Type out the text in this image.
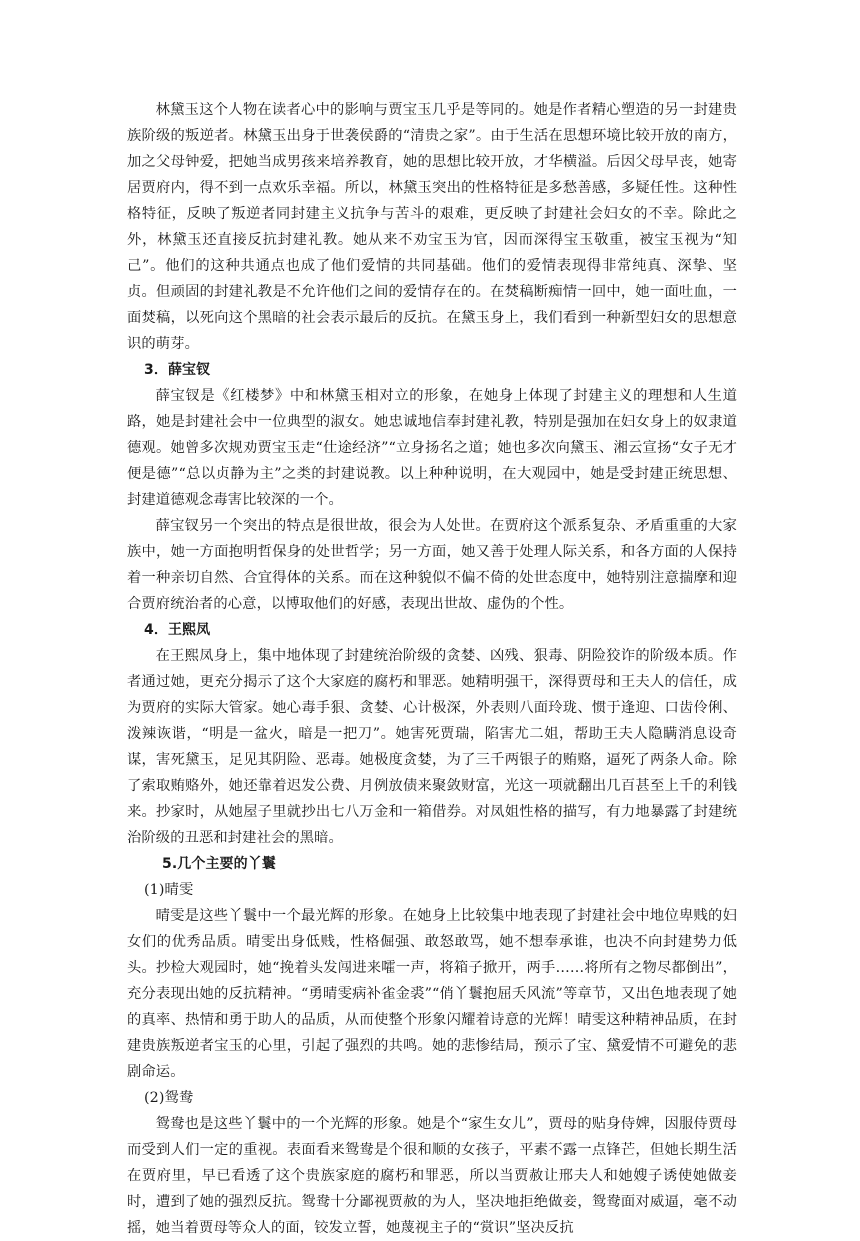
林黛玉这个人物在读者心中的影响与贾宝玉几乎是等同的。她是作者精心塑造的另一封建贵族阶级的叛逆者。林黛玉出身于世袭侯爵的“清贵之家”。由于生活在思想环境比较开放的南方，加之父母钟爱，把她当成男孩来培养教育，她的思想比较开放，才华横溢。后因父母早丧，她寄居贾府内，得不到一点欢乐幸福。所以，林黛玉突出的性格特征是多愁善感，多疑任性。这种性格特征，反映了叛逆者同封建主义抗争与苦斗的艰难，更反映了封建社会妇女的不幸。除此之外，林黛玉还直接反抗封建礼教。她从来不劝宝玉为官，因而深得宝玉敬重，被宝玉视为“知己”。他们的这种共通点也成了他们爱情的共同基础。他们的爱情表现得非常纯真、深挚、坚贞。但顽固的封建礼教是不允许他们之间的爱情存在的。在焚稿断痴情一回中，她一面吐血，一面焚稿，以死向这个黑暗的社会表示最后的反抗。在黛玉身上，我们看到一种新型妇女的思想意识的萌芽。

3．薛宝钗

薛宝钗是《红楼梦》中和林黛玉相对立的形象，在她身上体现了封建主义的理想和人生道路，她是封建社会中一位典型的淑女。她忠诚地信奉封建礼教，特别是强加在妇女身上的奴隶道德观。她曾多次规劝贾宝玉走“仕途经济”“立身扬名之道；她也多次向黛玉、湘云宣扬“女子无才便是德”“总以贞静为主”之类的封建说教。以上种种说明，在大观园中，她是受封建正统思想、封建道德观念毒害比较深的一个。

薛宝钗另一个突出的特点是很世故，很会为人处世。在贾府这个派系复杂、矛盾重重的大家族中，她一方面抱明哲保身的处世哲学；另一方面，她又善于处理人际关系，和各方面的人保持着一种亲切自然、合宜得体的关系。而在这种貌似不偏不倚的处世态度中，她特别注意揣摩和迎合贾府统治者的心意，以博取他们的好感，表现出世故、虚伪的个性。

4．王熙凤

在王熙凤身上，集中地体现了封建统治阶级的贪婪、凶残、狠毒、阴险狡诈的阶级本质。作者通过她，更充分揭示了这个大家庭的腐朽和罪恶。她精明强干，深得贾母和王夫人的信任，成为贾府的实际大管家。她心毒手狠、贪婪、心计极深，外表则八面玲珑、惯于逢迎、口齿伶俐、泼辣诙谐，“明是一盆火，暗是一把刀”。她害死贾瑞，陷害尤二姐，帮助王夫人隐瞒消息设奇谋，害死黛玉，足见其阴险、恶毒。她极度贪婪，为了三千两银子的贿赂，逼死了两条人命。除了索取贿赂外，她还靠着迟发公费、月例放债来聚敛财富，光这一项就翻出几百甚至上千的利钱来。抄家时，从她屋子里就抄出七八万金和一箱借券。对凤姐性格的描写，有力地暴露了封建统治阶级的丑恶和封建社会的黑暗。

5.几个主要的丫鬟

(1)晴雯

晴雯是这些丫鬟中一个最光辉的形象。在她身上比较集中地表现了封建社会中地位卑贱的妇女们的优秀品质。晴雯出身低贱，性格倔强、敢怒敢骂，她不想奉承谁，也决不向封建势力低头。抄检大观园时，她“挽着头发闯进来嚯一声，将箱子掀开，两手……将所有之物尽都倒出”，充分表现出她的反抗精神。“勇晴雯病补雀金裘”“俏丫鬟抱屈夭风流”等章节，又出色地表现了她的真率、热情和勇于助人的品质，从而使整个形象闪耀着诗意的光辉！晴雯这种精神品质，在封建贵族叛逆者宝玉的心里，引起了强烈的共鸣。她的悲惨结局，预示了宝、黛爱情不可避免的悲剧命运。

(2)鸳鸯

鸳鸯也是这些丫鬟中的一个光辉的形象。她是个“家生女儿”，贾母的贴身侍婢，因服侍贾母而受到人们一定的重视。表面看来鸳鸯是个很和顺的女孩子，平素不露一点锋芒，但她长期生活在贾府里，早已看透了这个贵族家庭的腐朽和罪恶，所以当贾赦让邢夫人和她嫂子诱使她做妾时，遭到了她的强烈反抗。鸳鸯十分鄙视贾赦的为人，坚决地拒绝做妾，鸳鸯面对威逼，毫不动摇，她当着贾母等众人的面，铰发立誓，她蔑视主子的“赏识”坚决反抗
